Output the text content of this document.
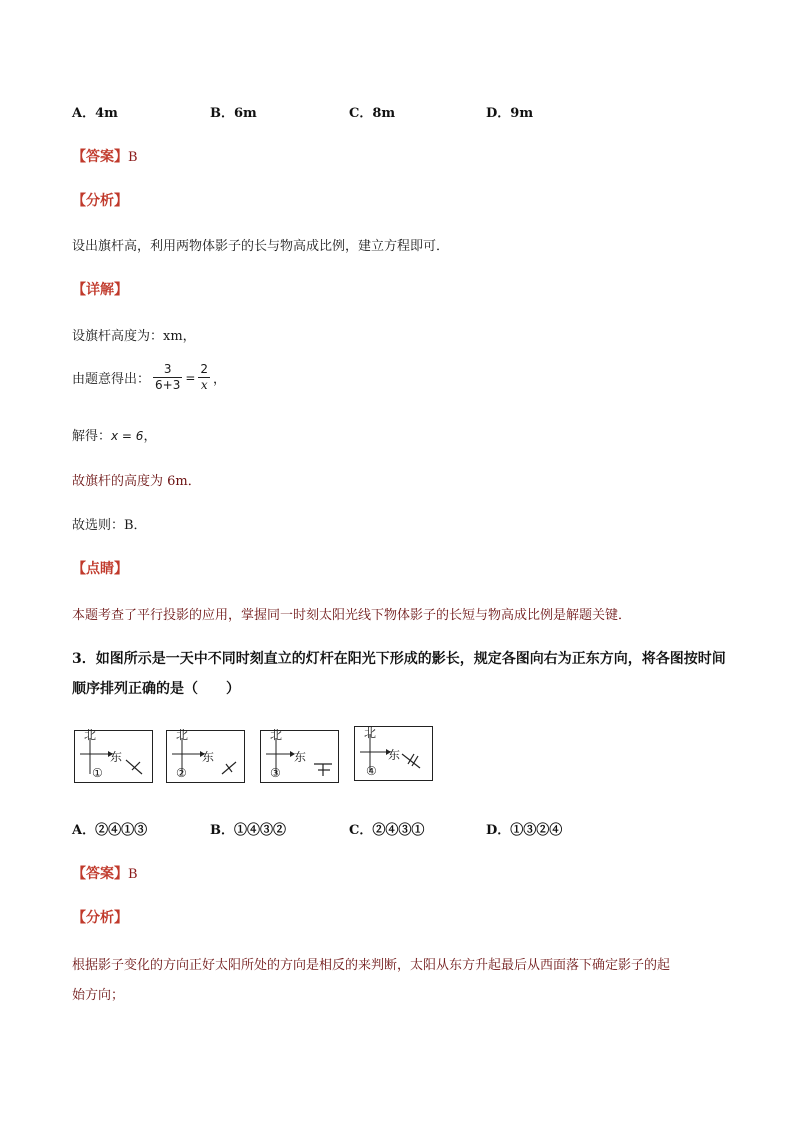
A．4m	B．6m	C．8m	D．9m
【答案】B
【分析】
设出旗杆高，利用两物体影子的长与物高成比例，建立方程即可．
【详解】
设旗杆高度为：xm，
由题意得出： $\frac{3}{6+3} = \frac{2}{x}$ ，
解得：x = 6，
故旗杆的高度为 6m．
故选则：B．
【点睛】
本题考查了平行投影的应用，掌握同一时刻太阳光线下物体影子的长短与物高成比例是解题关键．
3．如图所示是一天中不同时刻直立的灯杆在阳光下形成的影长，规定各图向右为正东方向，将各图按时间
顺序排列正确的是（　　）
北
东
①
北
东
②
北
东
③
北
东
④
A．②④①③	B．①④③②	C．②④③①	D．①③②④
【答案】B
【分析】
根据影子变化的方向正好太阳所处的方向是相反的来判断，太阳从东方升起最后从西面落下确定影子的起
始方向；
